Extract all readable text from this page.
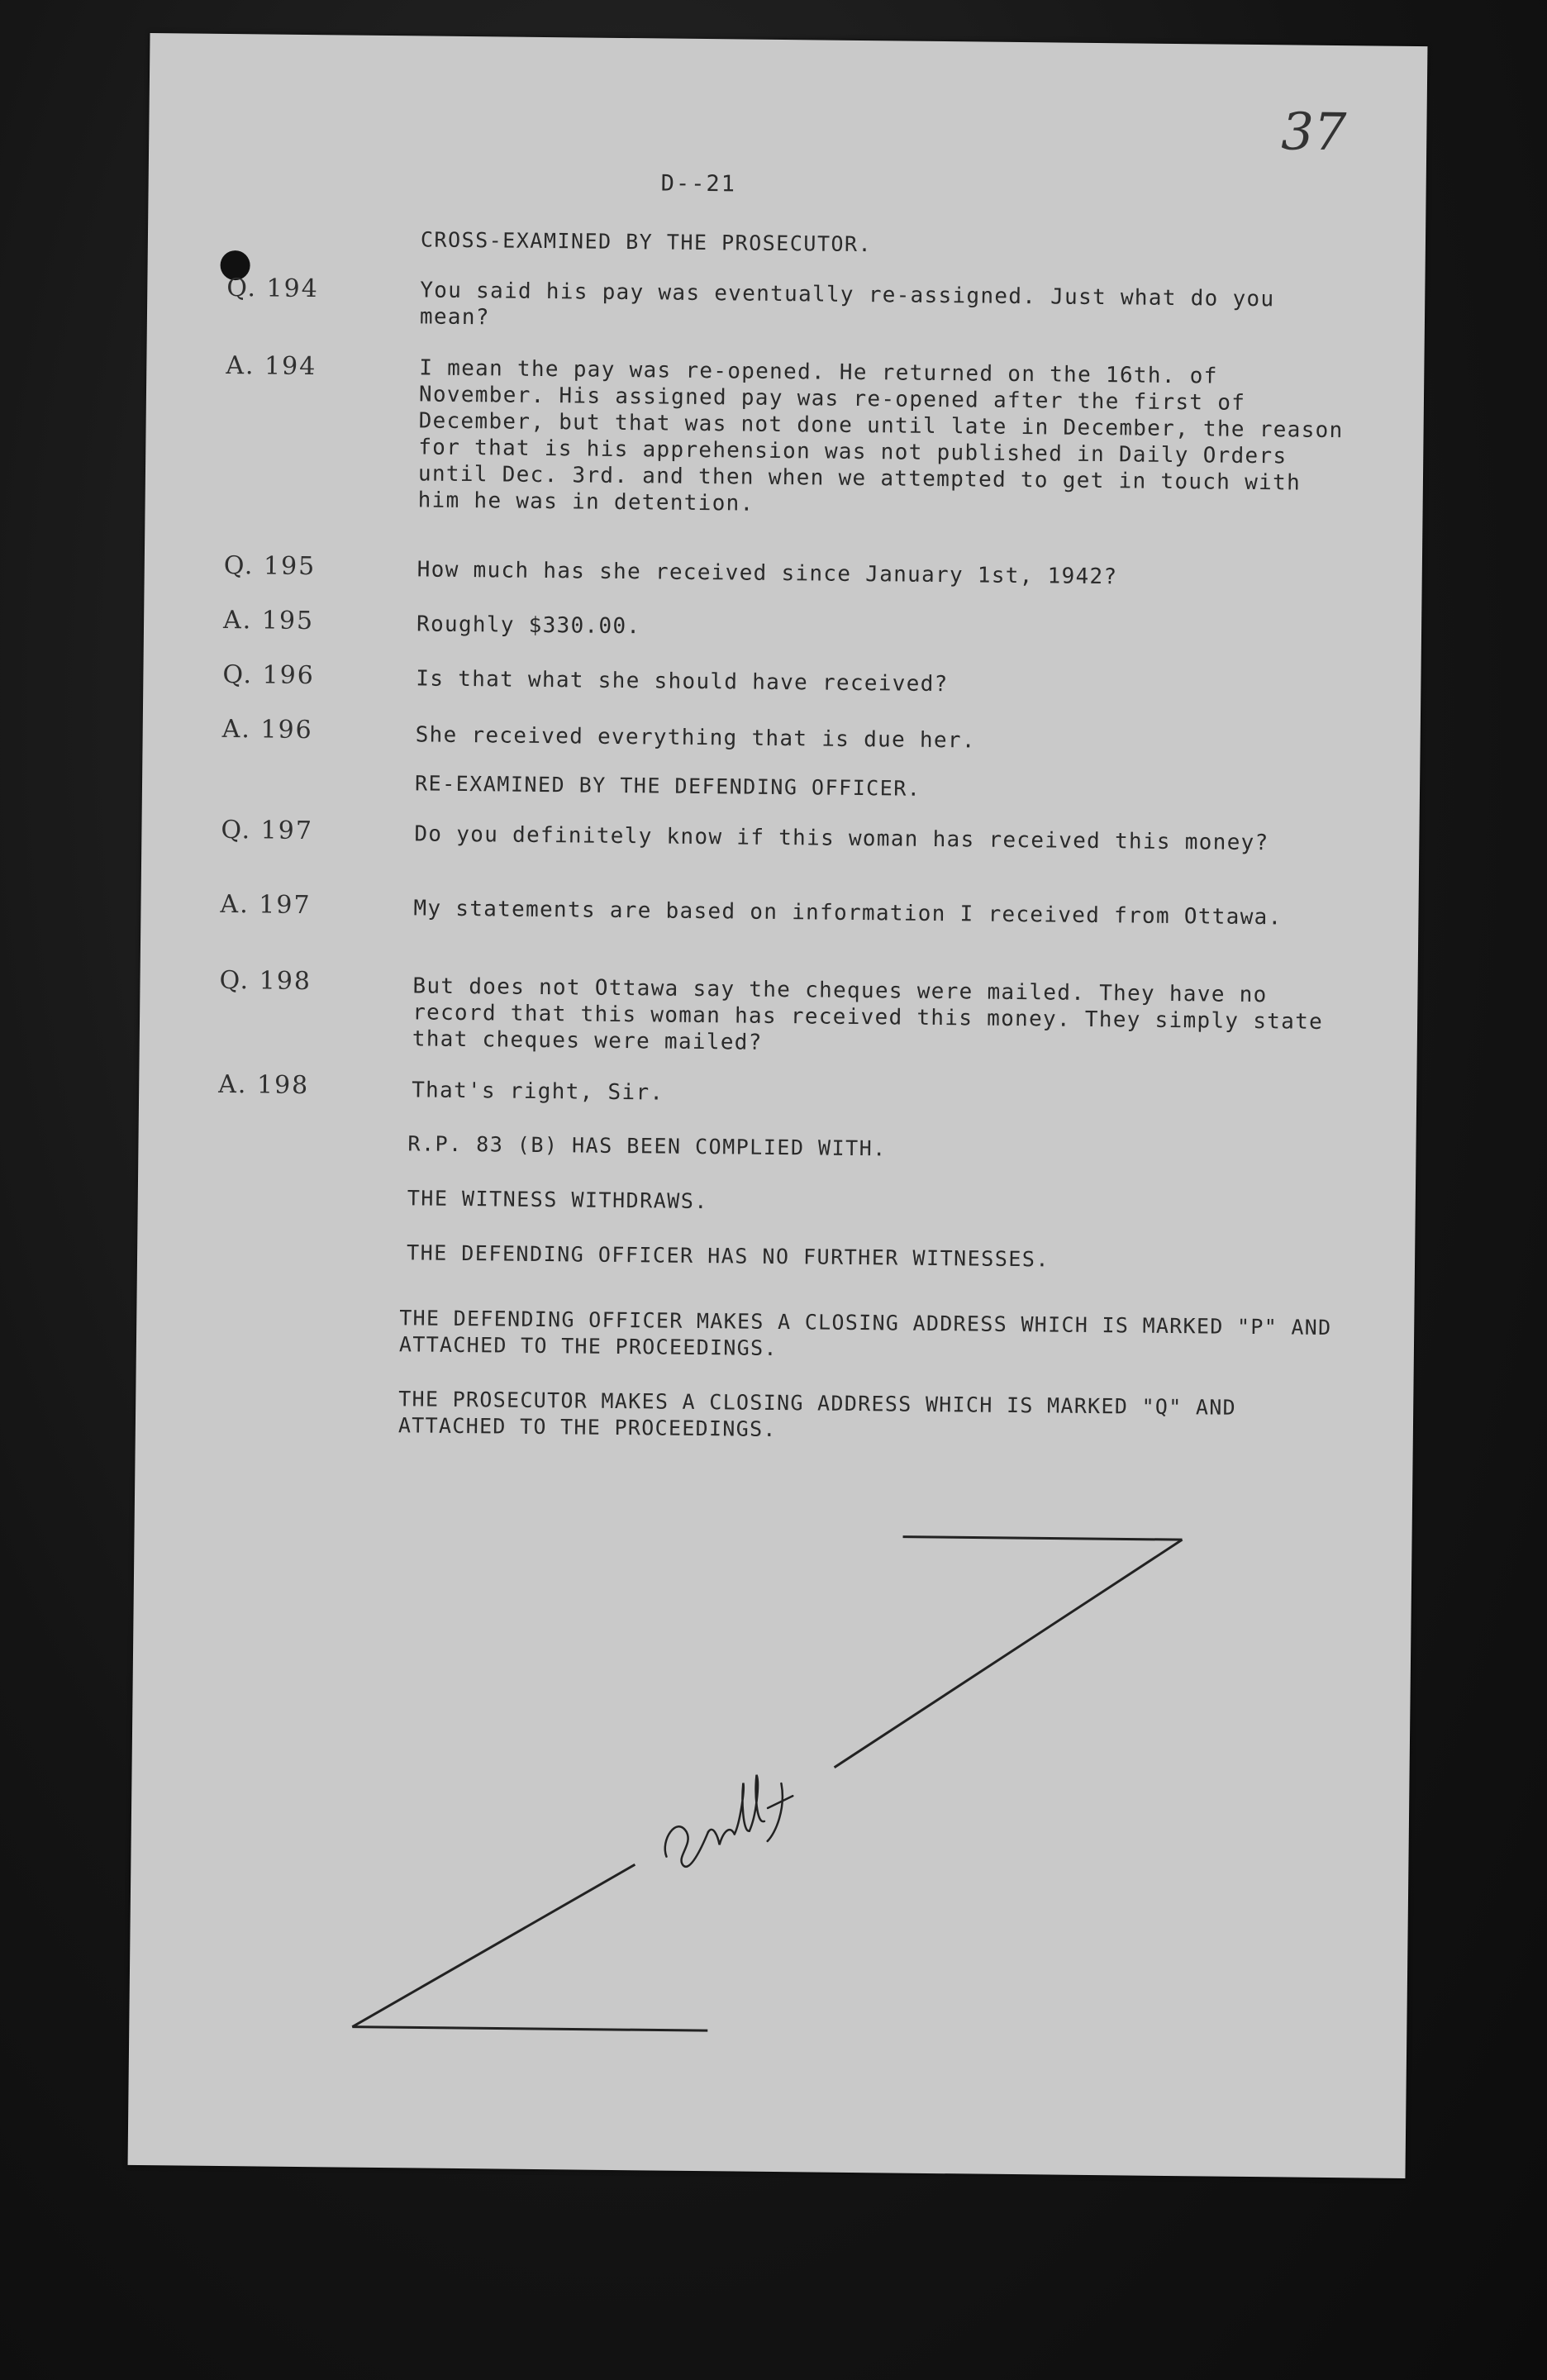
37
D--21
CROSS-EXAMINED BY THE PROSECUTOR.
Q. 194	You said his pay was eventually re-assigned. Just what do you mean?
A. 194	I mean the pay was re-opened. He returned on the 16th. of November. His assigned pay was re-opened after the first of December, but that was not done until late in December, the reason for that is his apprehension was not published in Daily Orders until Dec. 3rd. and then when we attempted to get in touch with him he was in detention.
Q. 195	How much has she received since January 1st, 1942?
A. 195	Roughly $330.00.
Q. 196	Is that what she should have received?
A. 196	She received everything that is due her.
RE-EXAMINED BY THE DEFENDING OFFICER.
Q. 197	Do you definitely know if this woman has received this money?
A. 197	My statements are based on information I received from Ottawa.
Q. 198	But does not Ottawa say the cheques were mailed. They have no record that this woman has received this money. They simply state that cheques were mailed?
A. 198	That's right, Sir.
R.P. 83 (B) HAS BEEN COMPLIED WITH.
THE WITNESS WITHDRAWS.
THE DEFENDING OFFICER HAS NO FURTHER WITNESSES.
THE DEFENDING OFFICER MAKES A CLOSING ADDRESS WHICH IS MARKED "P" AND ATTACHED TO THE PROCEEDINGS.
THE PROSECUTOR MAKES A CLOSING ADDRESS WHICH IS MARKED "Q" AND ATTACHED TO THE PROCEEDINGS.
